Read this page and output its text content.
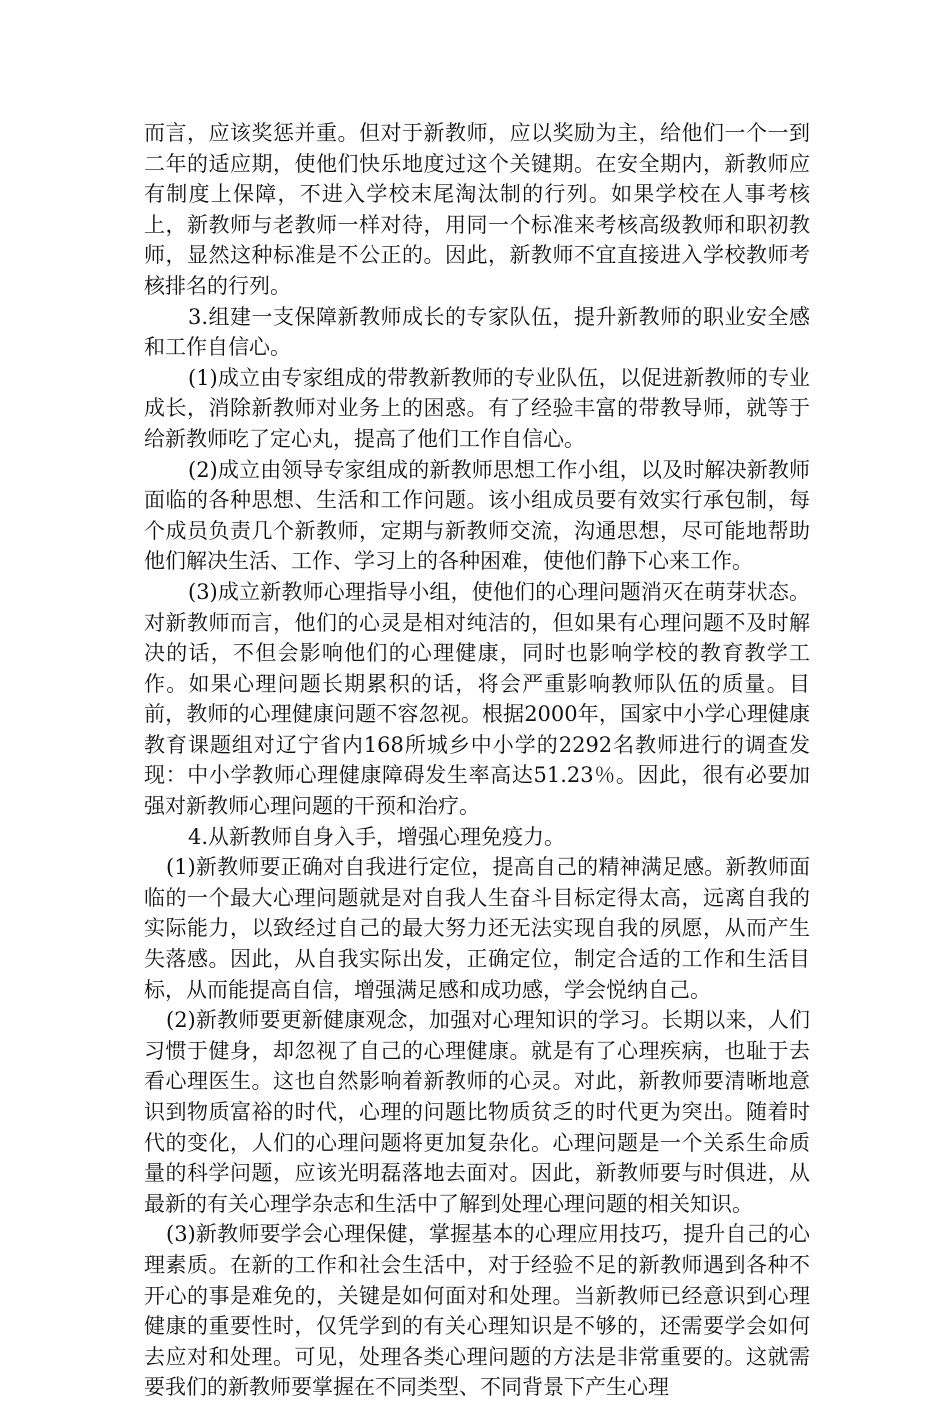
而言，应该奖惩并重。但对于新教师，应以奖励为主，给他们一个一到二年的适应期，使他们快乐地度过这个关键期。在安全期内，新教师应有制度上保障，不进入学校末尾淘汰制的行列。如果学校在人事考核上，新教师与老教师一样对待，用同一个标准来考核高级教师和职初教师，显然这种标准是不公正的。因此，新教师不宜直接进入学校教师考核排名的行列。

3.组建一支保障新教师成长的专家队伍，提升新教师的职业安全感和工作自信心。

(1)成立由专家组成的带教新教师的专业队伍，以促进新教师的专业成长，消除新教师对业务上的困惑。有了经验丰富的带教导师，就等于给新教师吃了定心丸，提高了他们工作自信心。

(2)成立由领导专家组成的新教师思想工作小组，以及时解决新教师面临的各种思想、生活和工作问题。该小组成员要有效实行承包制，每个成员负责几个新教师，定期与新教师交流，沟通思想，尽可能地帮助他们解决生活、工作、学习上的各种困难，使他们静下心来工作。

(3)成立新教师心理指导小组，使他们的心理问题消灭在萌芽状态。对新教师而言，他们的心灵是相对纯洁的，但如果有心理问题不及时解决的话，不但会影响他们的心理健康，同时也影响学校的教育教学工作。如果心理问题长期累积的话，将会严重影响教师队伍的质量。目前，教师的心理健康问题不容忽视。根据2000年，国家中小学心理健康教育课题组对辽宁省内168所城乡中小学的2292名教师进行的调查发现：中小学教师心理健康障碍发生率高达51.23％。因此，很有必要加强对新教师心理问题的干预和治疗。

4.从新教师自身入手，增强心理免疫力。

(1)新教师要正确对自我进行定位，提高自己的精神满足感。新教师面临的一个最大心理问题就是对自我人生奋斗目标定得太高，远离自我的实际能力，以致经过自己的最大努力还无法实现自我的夙愿，从而产生失落感。因此，从自我实际出发，正确定位，制定合适的工作和生活目标，从而能提高自信，增强满足感和成功感，学会悦纳自己。

(2)新教师要更新健康观念，加强对心理知识的学习。长期以来，人们习惯于健身，却忽视了自己的心理健康。就是有了心理疾病，也耻于去看心理医生。这也自然影响着新教师的心灵。对此，新教师要清晰地意识到物质富裕的时代，心理的问题比物质贫乏的时代更为突出。随着时代的变化，人们的心理问题将更加复杂化。心理问题是一个关系生命质量的科学问题，应该光明磊落地去面对。因此，新教师要与时俱进，从最新的有关心理学杂志和生活中了解到处理心理问题的相关知识。

(3)新教师要学会心理保健，掌握基本的心理应用技巧，提升自己的心理素质。在新的工作和社会生活中，对于经验不足的新教师遇到各种不开心的事是难免的，关键是如何面对和处理。当新教师已经意识到心理健康的重要性时，仅凭学到的有关心理知识是不够的，还需要学会如何去应对和处理。可见，处理各类心理问题的方法是非常重要的。这就需要我们的新教师要掌握在不同类型、不同背景下产生心理
